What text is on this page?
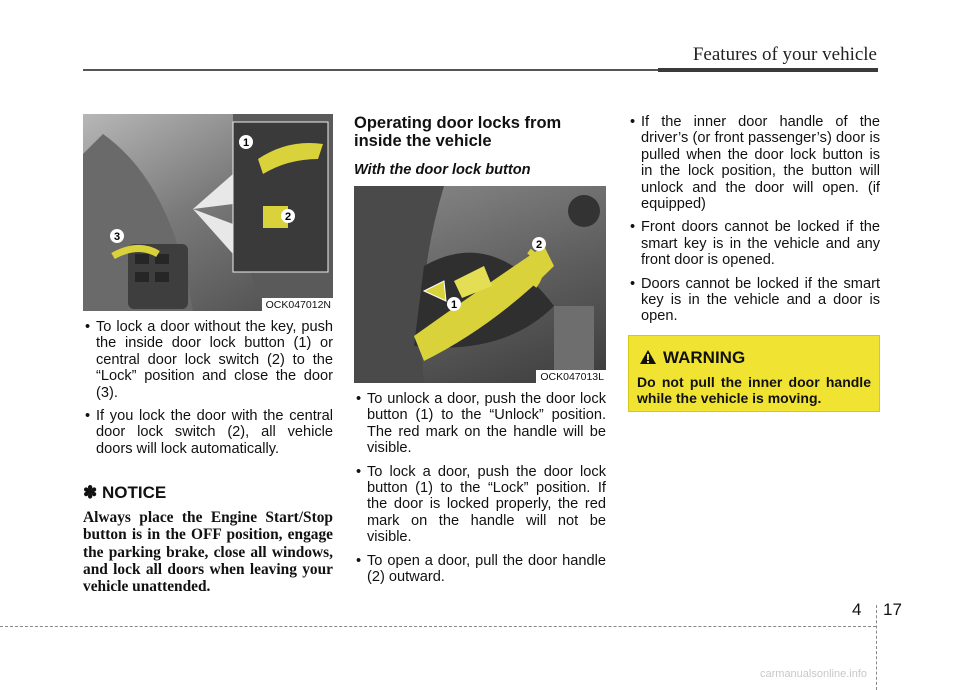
Features of your vehicle
1
2
3
OCK047012N
• To lock a door without the key, push the inside door lock button (1) or central door lock switch (2) to the “Lock” position and close the door (3).
• If you lock the door with the central door lock switch (2), all vehicle doors will lock automatically.
✽ NOTICE
Always place the Engine Start/Stop button is in the OFF position, engage the parking brake, close all windows, and lock all doors when leaving your vehicle unattended.
Operating door locks from inside the vehicle
With the door lock button
2
1
OCK047013L
• To unlock a door, push the door lock button (1) to the “Unlock” position. The red mark on the handle will be visible.
• To lock a door, push the door lock button (1) to the “Lock” position. If the door is locked properly, the red mark on the handle will not be visible.
• To open a door, pull the door handle (2) outward.
• If the inner door handle of the driver’s (or front passenger’s) door is pulled when the door lock button is in the lock position, the button will unlock and the door will open. (if equipped)
• Front doors cannot be locked if the smart key is in the vehicle and any front door is opened.
• Doors cannot be locked if the smart key is in the vehicle and a door is open.
WARNING
Do not pull the inner door handle while the vehicle is moving.
4 17
carmanualsonline.info
